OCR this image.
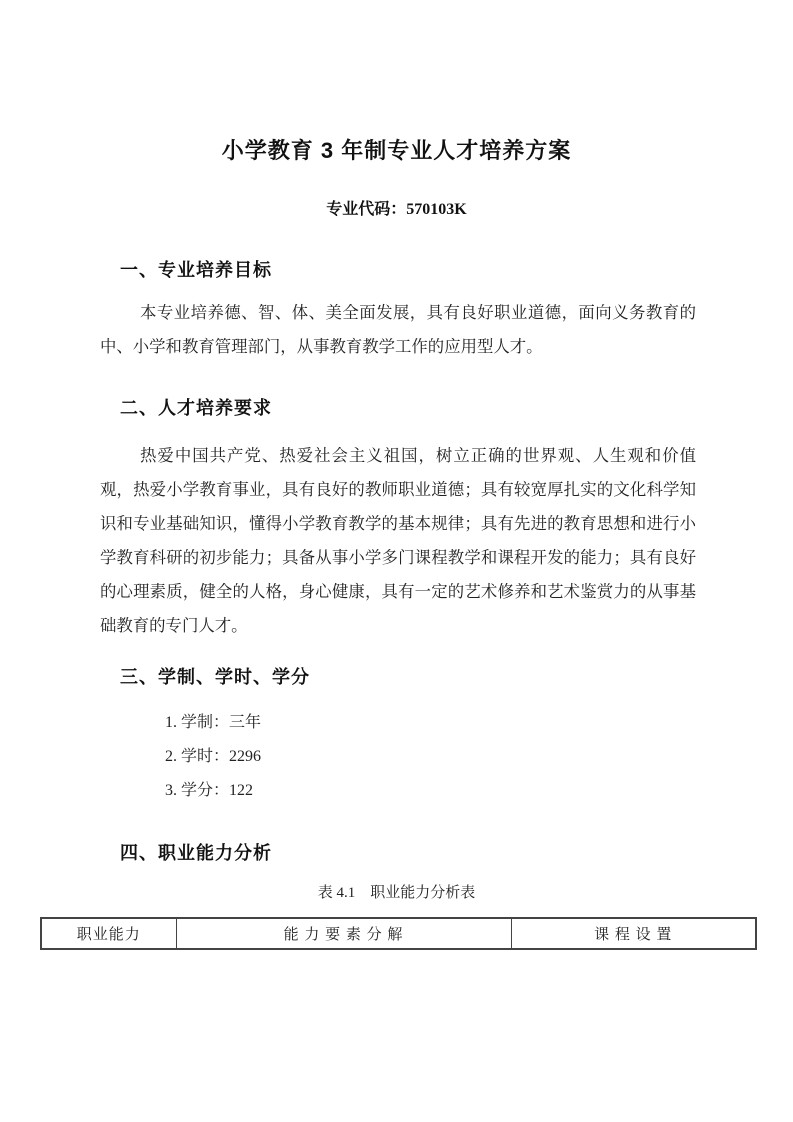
小学教育 3 年制专业人才培养方案
专业代码：570103K
一、专业培养目标

本专业培养德、智、体、美全面发展，具有良好职业道德，面向义务教育的中、小学和教育管理部门，从事教育教学工作的应用型人才。

二、人才培养要求

热爱中国共产党、热爱社会主义祖国，树立正确的世界观、人生观和价值观，热爱小学教育事业，具有良好的教师职业道德；具有较宽厚扎实的文化科学知识和专业基础知识，懂得小学教育教学的基本规律；具有先进的教育思想和进行小学教育科研的初步能力；具备从事小学多门课程教学和课程开发的能力；具有良好的心理素质，健全的人格，身心健康，具有一定的艺术修养和艺术鉴赏力的从事基础教育的专门人才。

三、学制、学时、学分
1. 学制：三年
2. 学时：2296
3. 学分：122
四、职业能力分析
表 4.1　职业能力分析表
职业能力	能 力 要 素 分 解	课 程 设 置
